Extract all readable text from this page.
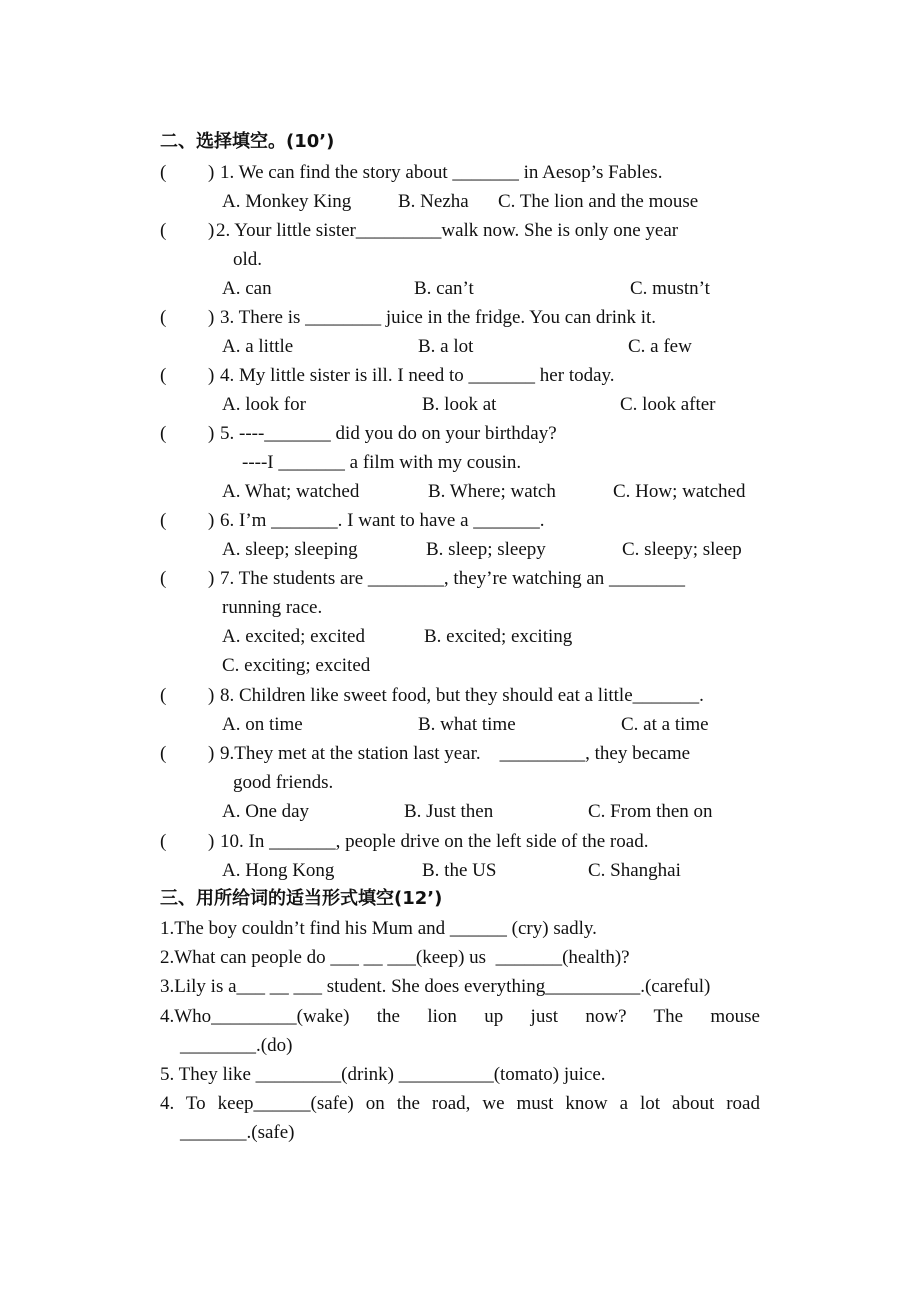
二、选择填空。(10’)
( ) 1. We can find the story about _______ in Aesop’s Fables.
A. Monkey King B. Nezha C. The lion and the mouse
( ) 2. Your little sister_________walk now. She is only one year
old.
A. can	B. can’t	C. mustn’t
( ) 3. There is ________ juice in the fridge. You can drink it.
A. a little	B. a lot	C. a few
( ) 4. My little sister is ill. I need to _______ her today.
A. look for	B. look at	C. look after
( ) 5. ----_______ did you do on your birthday?
----I _______ a film with my cousin.
A. What; watched	B. Where; watch	C. How; watched
( ) 6. I’m _______. I want to have a _______.
A. sleep; sleeping	B. sleep; sleepy	C. sleepy; sleep
( ) 7. The students are ________, they’re watching an ________
running race.
A. excited; excited	B. excited; exciting
C. exciting; excited
( ) 8. Children like sweet food, but they should eat a little_______.
A. on time	B. what time	C. at a time
( ) 9.They met at the station last year.    _________, they became
good friends.
A. One day	B. Just then	C. From then on
( ) 10. In _______, people drive on the left side of the road.
A. Hong Kong	B. the US	C. Shanghai
三、用所给词的适当形式填空(12’)
1.The boy couldn’t find his Mum and ______ (cry) sadly.
2.What can people do ___ __ ___(keep) us  _______(health)?
3.Lily is a___ __ ___ student. She does everything__________.(careful)
4.Who_________(wake) the lion up just now? The mouse
________.(do)
5. They like _________(drink) __________(tomato) juice.
4. To keep______(safe) on the road, we must know a lot about road
_______.(safe)
